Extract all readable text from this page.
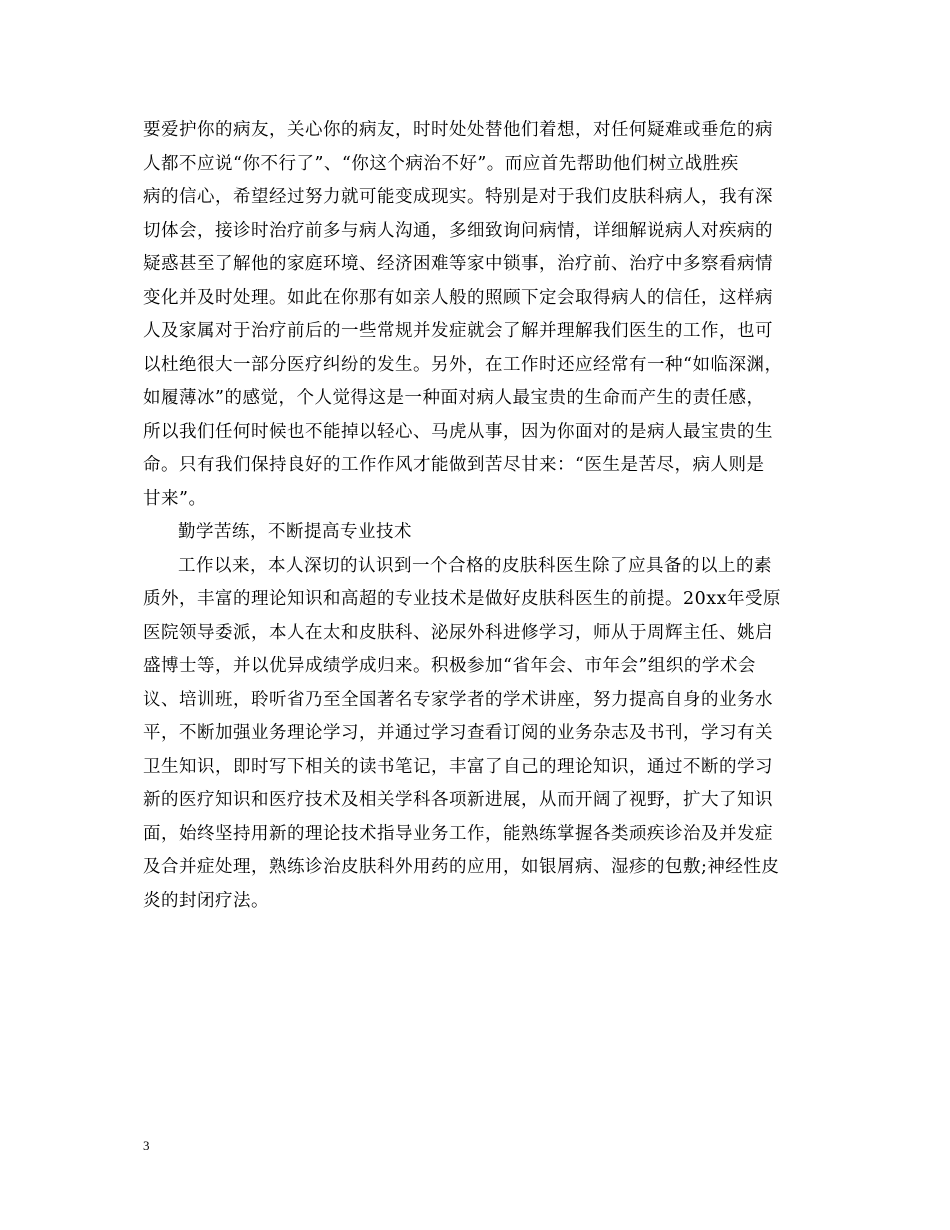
要爱护你的病友，关心你的病友，时时处处替他们着想，对任何疑难或垂危的病
人都不应说“你不行了”、“你这个病治不好”。而应首先帮助他们树立战胜疾
病的信心，希望经过努力就可能变成现实。特别是对于我们皮肤科病人，我有深
切体会，接诊时治疗前多与病人沟通，多细致询问病情，详细解说病人对疾病的
疑惑甚至了解他的家庭环境、经济困难等家中锁事，治疗前、治疗中多察看病情
变化并及时处理。如此在你那有如亲人般的照顾下定会取得病人的信任，这样病
人及家属对于治疗前后的一些常规并发症就会了解并理解我们医生的工作，也可
以杜绝很大一部分医疗纠纷的发生。另外，在工作时还应经常有一种“如临深渊，
如履薄冰”的感觉，个人觉得这是一种面对病人最宝贵的生命而产生的责任感，
所以我们任何时候也不能掉以轻心、马虎从事，因为你面对的是病人最宝贵的生
命。只有我们保持良好的工作作风才能做到苦尽甘来：“医生是苦尽，病人则是
甘来”。
勤学苦练，不断提高专业技术
工作以来，本人深切的认识到一个合格的皮肤科医生除了应具备的以上的素
质外，丰富的理论知识和高超的专业技术是做好皮肤科医生的前提。20xx年受原
医院领导委派，本人在太和皮肤科、泌尿外科进修学习，师从于周辉主任、姚启
盛博士等，并以优异成绩学成归来。积极参加“省年会、市年会”组织的学术会
议、培训班，聆听省乃至全国著名专家学者的学术讲座，努力提高自身的业务水
平，不断加强业务理论学习，并通过学习查看订阅的业务杂志及书刊，学习有关
卫生知识，即时写下相关的读书笔记，丰富了自己的理论知识，通过不断的学习
新的医疗知识和医疗技术及相关学科各项新进展，从而开阔了视野，扩大了知识
面，始终坚持用新的理论技术指导业务工作，能熟练掌握各类顽疾诊治及并发症
及合并症处理，熟练诊治皮肤科外用药的应用，如银屑病、湿疹的包敷;神经性皮
炎的封闭疗法。
3
